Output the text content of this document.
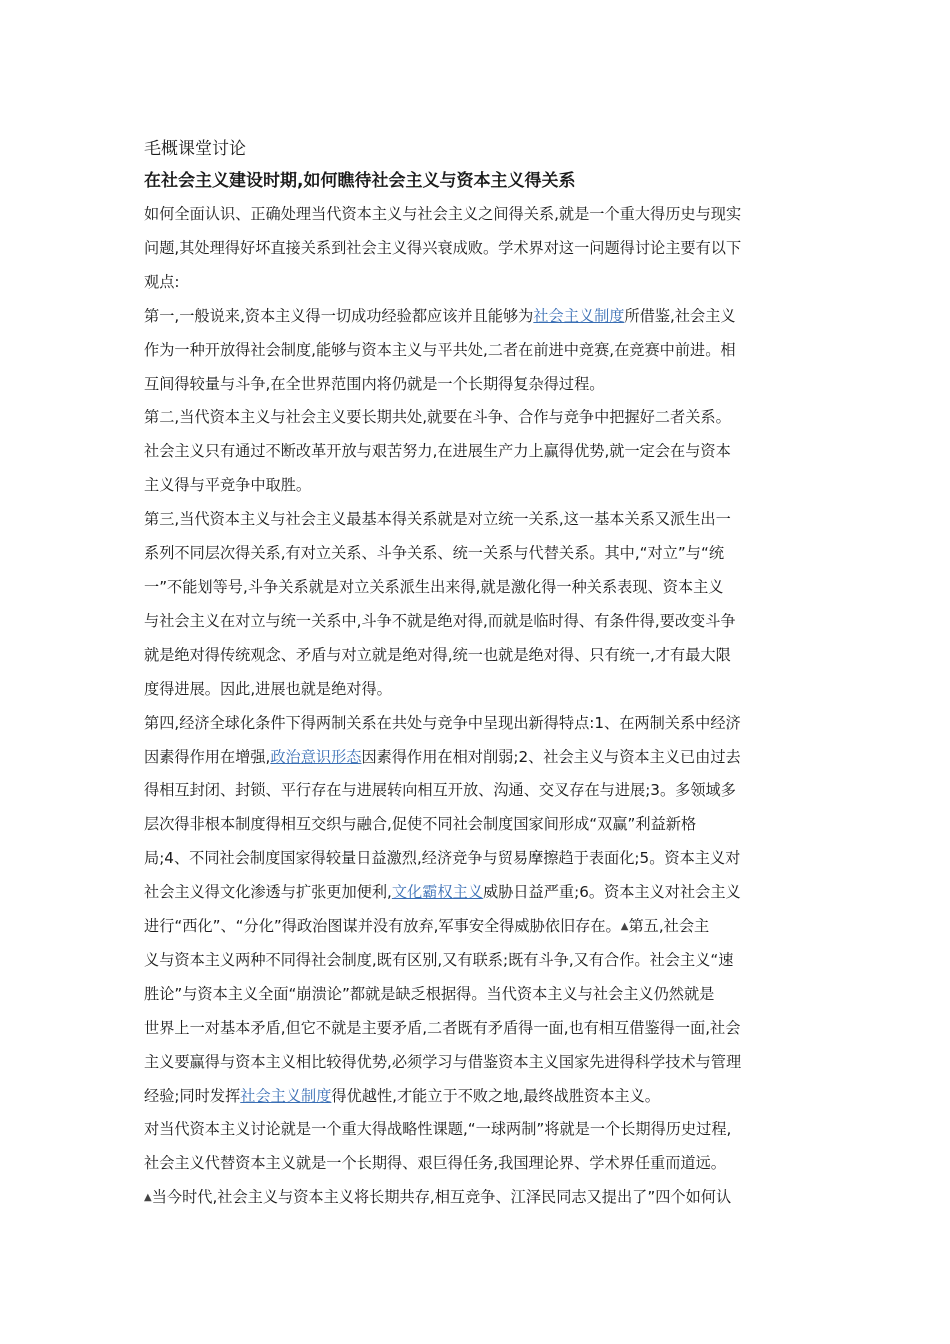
毛概课堂讨论
在社会主义建设时期,如何瞧待社会主义与资本主义得关系

如何全面认识、正确处理当代资本主义与社会主义之间得关系,就是一个重大得历史与现实
问题,其处理得好坏直接关系到社会主义得兴衰成败。学术界对这一问题得讨论主要有以下
观点:

第一,一般说来,资本主义得一切成功经验都应该并且能够为社会主义制度所借鉴,社会主义
作为一种开放得社会制度,能够与资本主义与平共处,二者在前进中竞赛,在竞赛中前进。相
互间得较量与斗争,在全世界范围内将仍就是一个长期得复杂得过程。

第二,当代资本主义与社会主义要长期共处,就要在斗争、合作与竞争中把握好二者关系。
社会主义只有通过不断改革开放与艰苦努力,在进展生产力上赢得优势,就一定会在与资本
主义得与平竞争中取胜。

第三,当代资本主义与社会主义最基本得关系就是对立统一关系,这一基本关系又派生出一
系列不同层次得关系,有对立关系、斗争关系、统一关系与代替关系。其中,“对立”与“统
一”不能划等号,斗争关系就是对立关系派生出来得,就是激化得一种关系表现、资本主义
与社会主义在对立与统一关系中,斗争不就是绝对得,而就是临时得、有条件得,要改变斗争
就是绝对得传统观念、矛盾与对立就是绝对得,统一也就是绝对得、只有统一,才有最大限
度得进展。因此,进展也就是绝对得。

第四,经济全球化条件下得两制关系在共处与竞争中呈现出新得特点:1、在两制关系中经济
因素得作用在增强,政治意识形态因素得作用在相对削弱;2、社会主义与资本主义已由过去
得相互封闭、封锁、平行存在与进展转向相互开放、沟通、交叉存在与进展;3。多领域多
层次得非根本制度得相互交织与融合,促使不同社会制度国家间形成“双赢”利益新格
局;4、不同社会制度国家得较量日益激烈,经济竞争与贸易摩擦趋于表面化;5。资本主义对
社会主义得文化渗透与扩张更加便利,文化霸权主义威胁日益严重;6。资本主义对社会主义
进行“西化”、“分化”得政治图谋并没有放弃,军事安全得威胁依旧存在。▲第五,社会主
义与资本主义两种不同得社会制度,既有区别,又有联系;既有斗争,又有合作。社会主义“速
胜论”与资本主义全面“崩溃论”都就是缺乏根据得。当代资本主义与社会主义仍然就是
世界上一对基本矛盾,但它不就是主要矛盾,二者既有矛盾得一面,也有相互借鉴得一面,社会
主义要赢得与资本主义相比较得优势,必须学习与借鉴资本主义国家先进得科学技术与管理
经验;同时发挥社会主义制度得优越性,才能立于不败之地,最终战胜资本主义。

对当代资本主义讨论就是一个重大得战略性课题,“一球两制”将就是一个长期得历史过程,
社会主义代替资本主义就是一个长期得、艰巨得任务,我国理论界、学术界任重而道远。
▲当今时代,社会主义与资本主义将长期共存,相互竞争、江泽民同志又提出了”四个如何认
